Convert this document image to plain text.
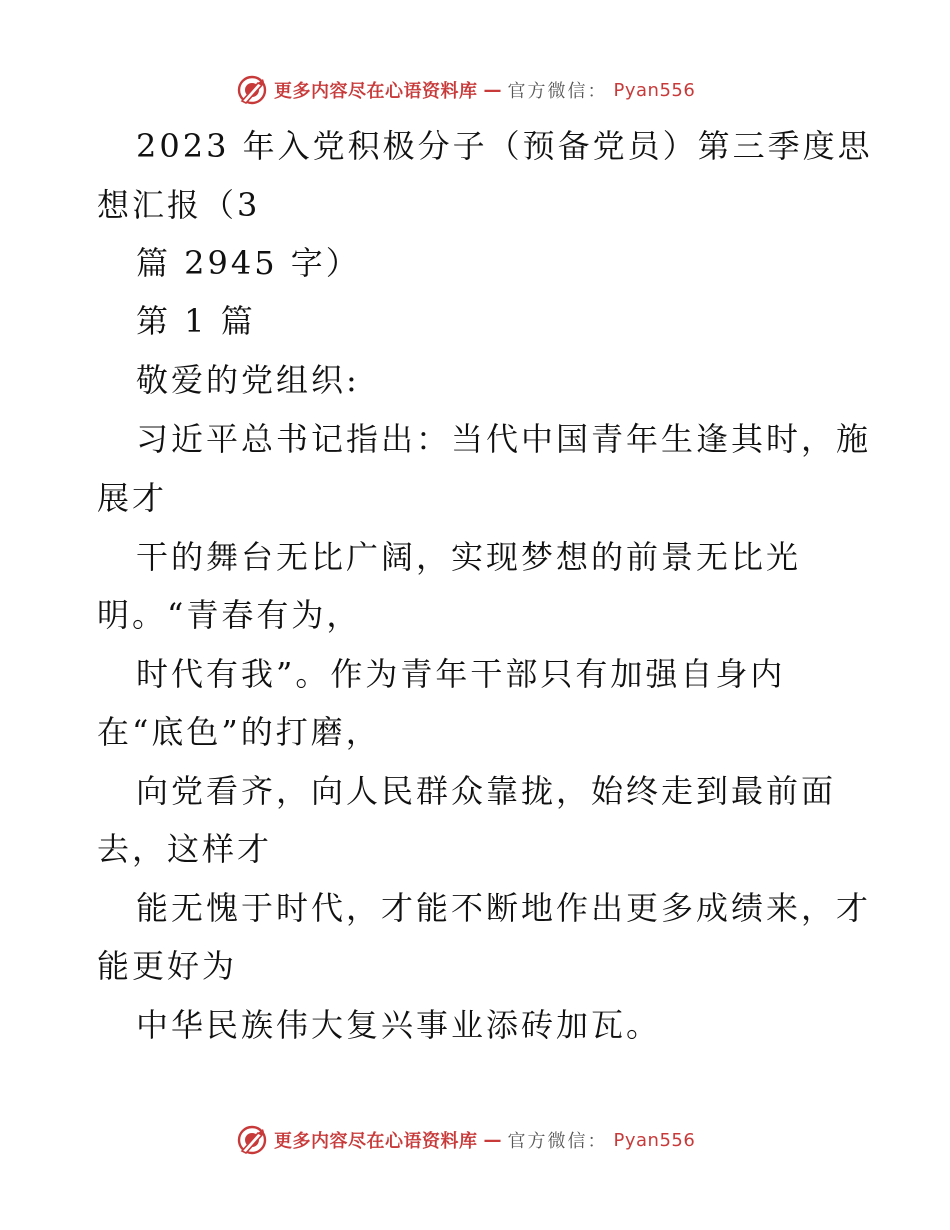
更多内容尽在心语资料库 — 官方微信： Pyan556

2023 年入党积极分子（预备党员）第三季度思

想汇报（3

篇 2945 字）

第 1 篇

敬爱的党组织:

习近平总书记指出：当代中国青年生逢其时，施

展才

干的舞台无比广阔，实现梦想的前景无比光

明。“青春有为，

时代有我”。作为青年干部只有加强自身内

在“底色”的打磨，

向党看齐，向人民群众靠拢，始终走到最前面

去，这样才

能无愧于时代，才能不断地作出更多成绩来，才

能更好为

中华民族伟大复兴事业添砖加瓦。

更多内容尽在心语资料库 — 官方微信： Pyan556
